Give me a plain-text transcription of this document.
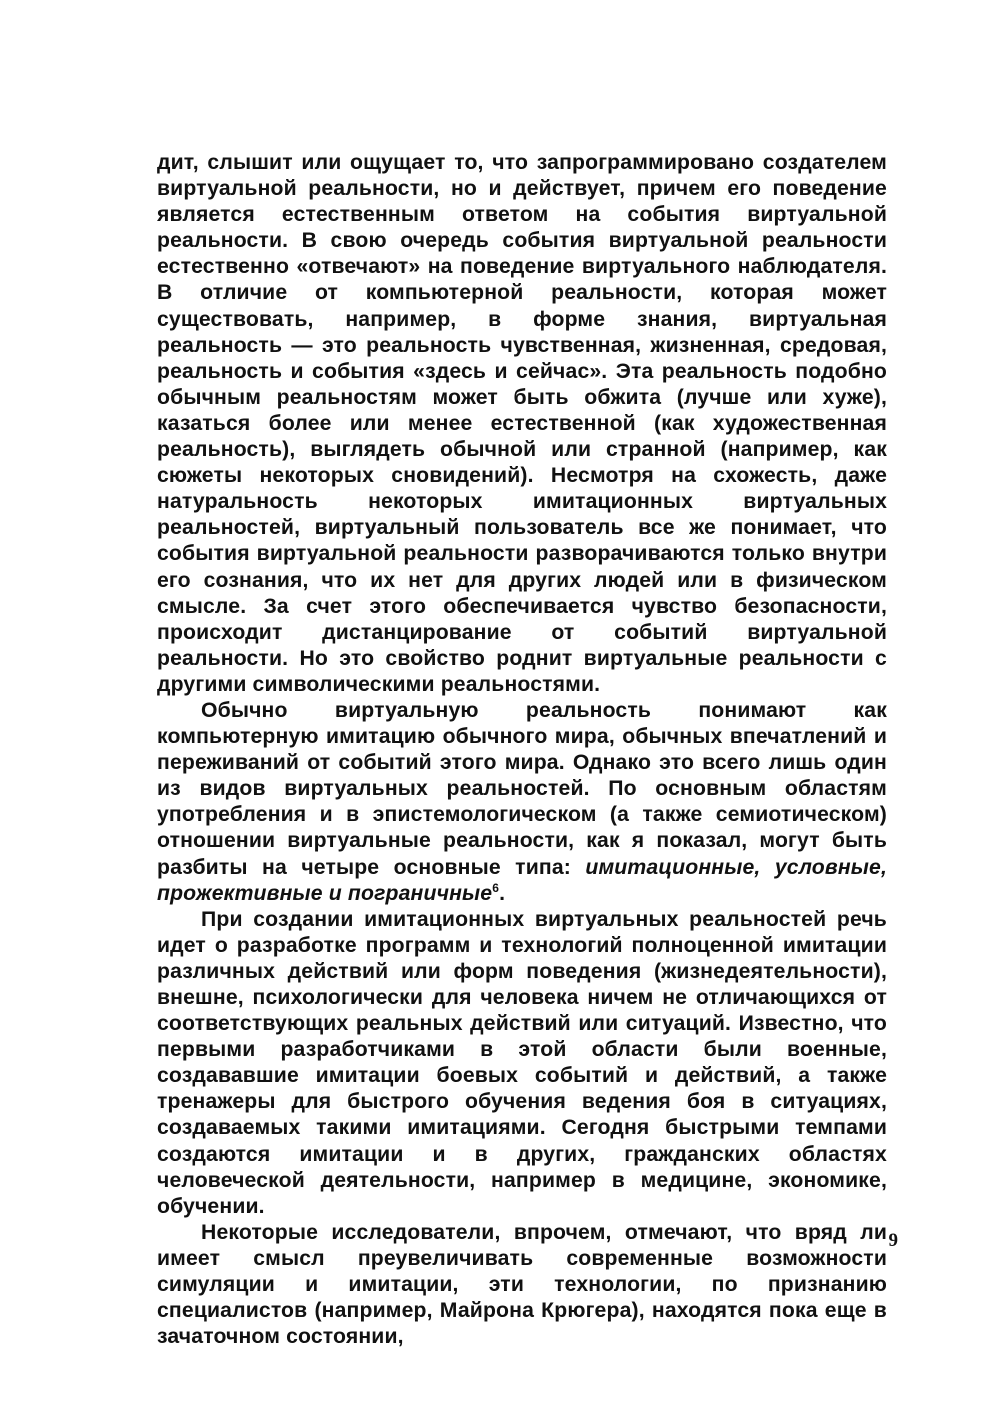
дит, слышит или ощущает то, что запрограммировано создателем виртуальной реальности, но и действует, причем его поведение является естественным ответом на события виртуальной реальности. В свою очередь события виртуальной реальности естественно «отвечают» на поведение виртуального наблюдателя. В отличие от компьютерной реальности, которая может существовать, например, в форме знания, виртуальная реальность — это реальность чувственная, жизненная, средовая, реальность и события «здесь и сейчас». Эта реальность подобно обычным реальностям может быть обжита (лучше или хуже), казаться более или менее естественной (как художественная реальность), выглядеть обычной или странной (например, как сюжеты некоторых сновидений). Несмотря на схожесть, даже натуральность некоторых имитационных виртуальных реальностей, виртуальный пользователь все же понимает, что события виртуальной реальности разворачиваются только внутри его сознания, что их нет для других людей или в физическом смысле. За счет этого обеспечивается чувство безопасности, происходит дистанцирование от событий виртуальной реальности. Но это свойство роднит виртуальные реальности с другими символическими реальностями.

Обычно виртуальную реальность понимают как компьютерную имитацию обычного мира, обычных впечатлений и переживаний от событий этого мира. Однако это всего лишь один из видов виртуальных реальностей. По основным областям употребления и в эпистемологическом (а также семиотическом) отношении виртуальные реальности, как я показал, могут быть разбиты на четыре основные типа: имитационные, условные, прожективные и пограничные$^6$.

При создании имитационных виртуальных реальностей речь идет о разработке программ и технологий полноценной имитации различных действий или форм поведения (жизнедеятельности), внешне, психологически для человека ничем не отличающихся от соответствующих реальных действий или ситуаций. Известно, что первыми разработчиками в этой области были военные, создававшие имитации боевых событий и действий, а также тренажеры для быстрого обучения ведения боя в ситуациях, создаваемых такими имитациями. Сегодня быстрыми темпами создаются имитации и в других, гражданских областях человеческой деятельности, например в медицине, экономике, обучении.

Некоторые исследователи, впрочем, отмечают, что вряд ли имеет смысл преувеличивать современные возможности симуляции и имитации, эти технологии, по признанию специалистов (например, Майрона Крюгера), находятся пока еще в зачаточном состоянии,

9
